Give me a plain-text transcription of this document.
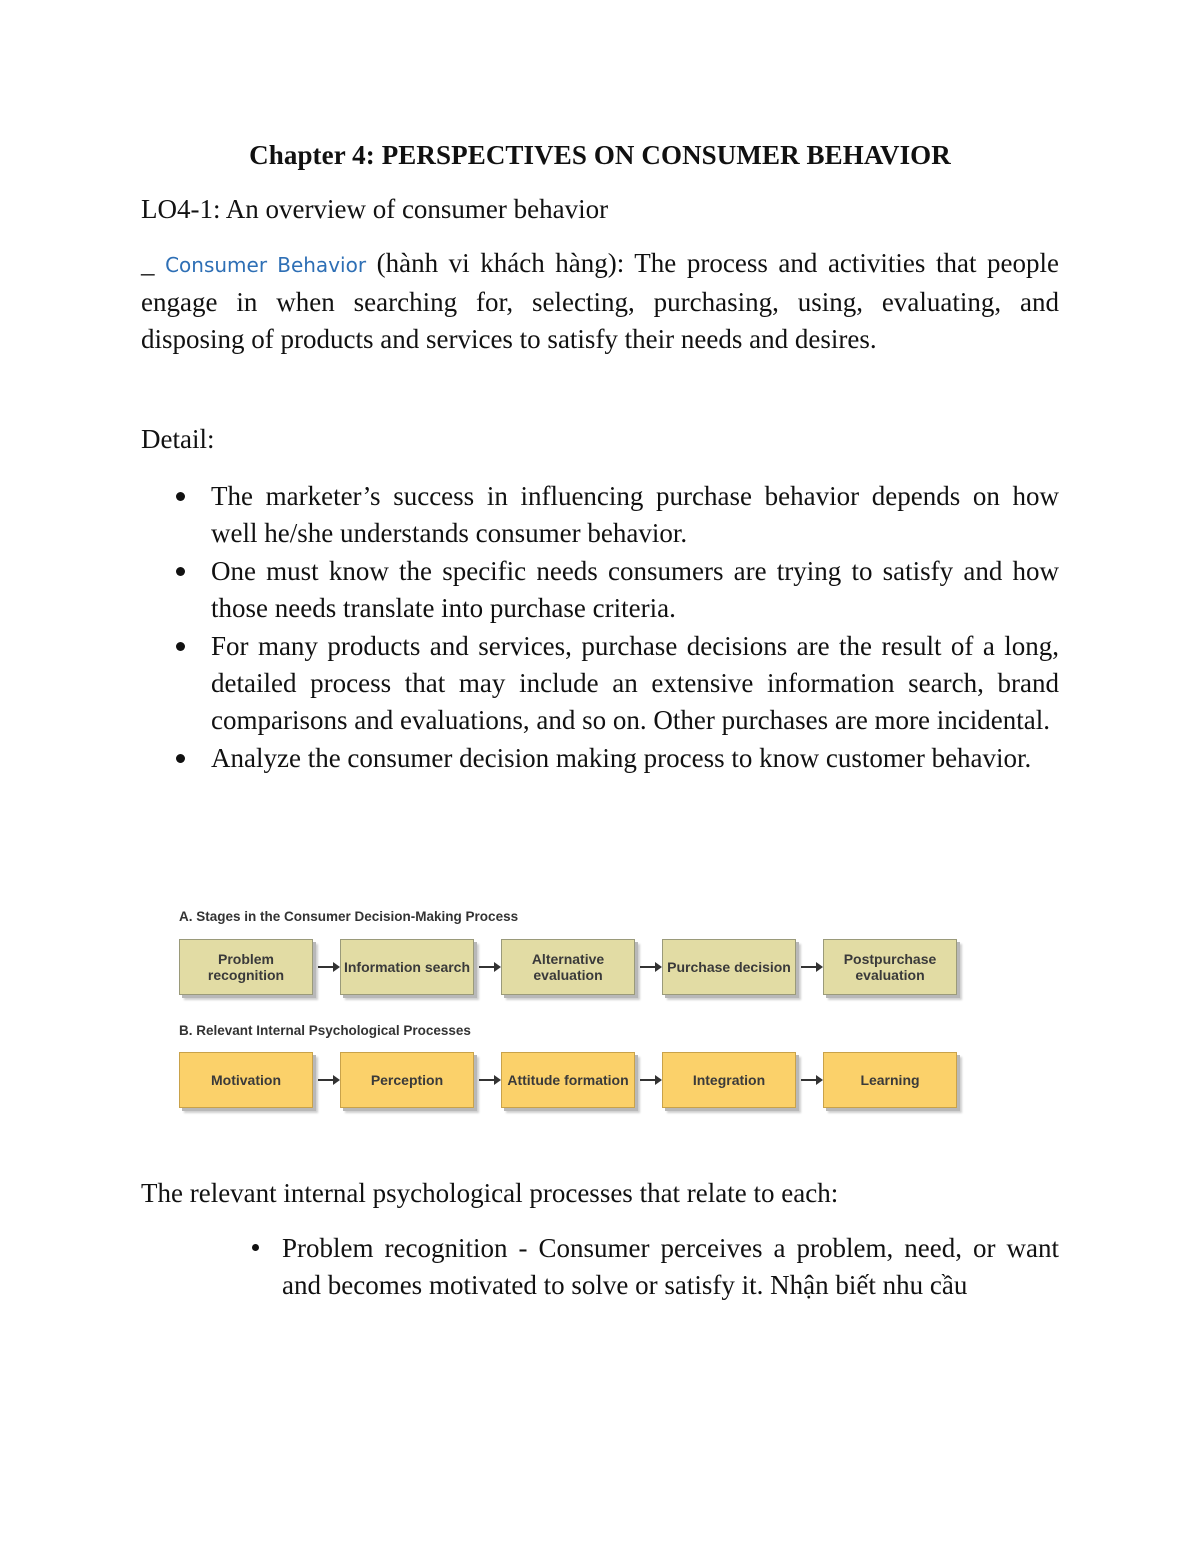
Chapter 4: PERSPECTIVES ON CONSUMER BEHAVIOR
LO4-1: An overview of consumer behavior
_ Consumer Behavior (hành vi khách hàng): The process and activities that people engage in when searching for, selecting, purchasing, using, evaluating, and disposing of products and services to satisfy their needs and desires.
Detail:
The marketer’s success in influencing purchase behavior depends on how well he/she understands consumer behavior.
One must know the specific needs consumers are trying to satisfy and how those needs translate into purchase criteria.
For many products and services, purchase decisions are the result of a long, detailed process that may include an extensive information search, brand comparisons and evaluations, and so on. Other purchases are more incidental.
Analyze the consumer decision making process to know customer behavior.
A. Stages in the Consumer Decision-Making Process
Problem recognition	Information search	Alternative evaluation	Purchase decision	Postpurchase evaluation
B. Relevant Internal Psychological Processes
Motivation	Perception	Attitude formation	Integration	Learning
The relevant internal psychological processes that relate to each:
Problem recognition - Consumer perceives a problem, need, or want and becomes motivated to solve or satisfy it. Nhận biết nhu cầu
